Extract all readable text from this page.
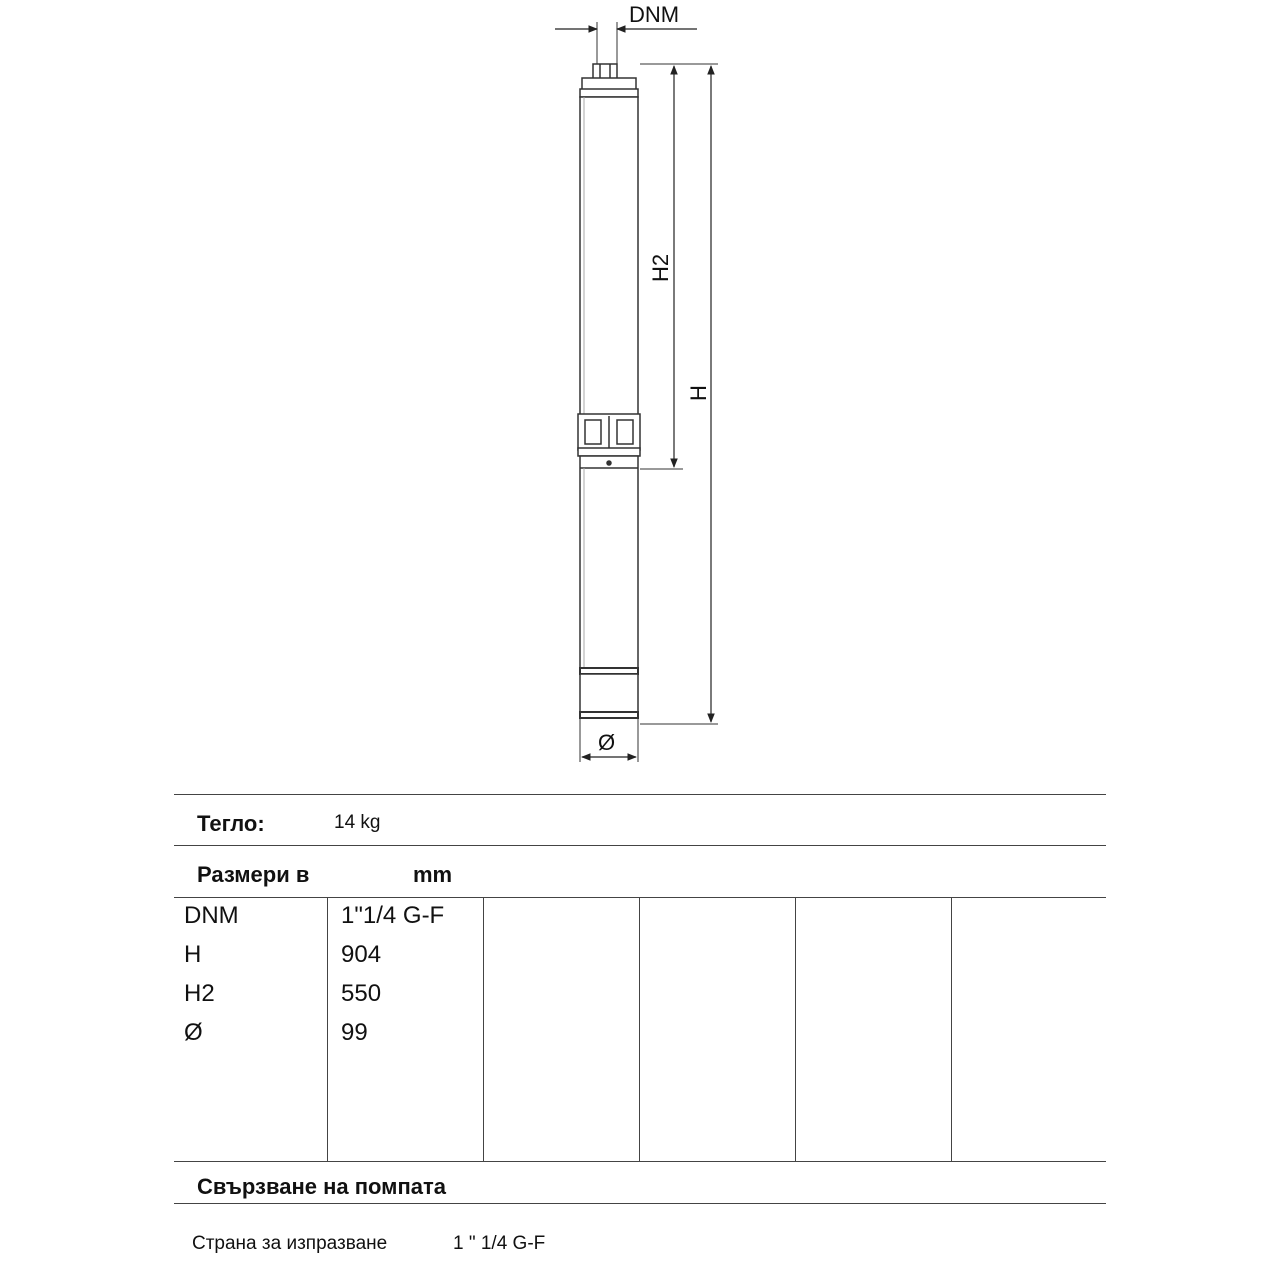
DNM
H2
H
Ø
Тегло:	14 kg
Размери в	mm
DNM	1"1/4 G-F
H	904
H2	550
Ø	99
Свързване на помпата
Страна за изпразване	1 " 1/4 G-F
